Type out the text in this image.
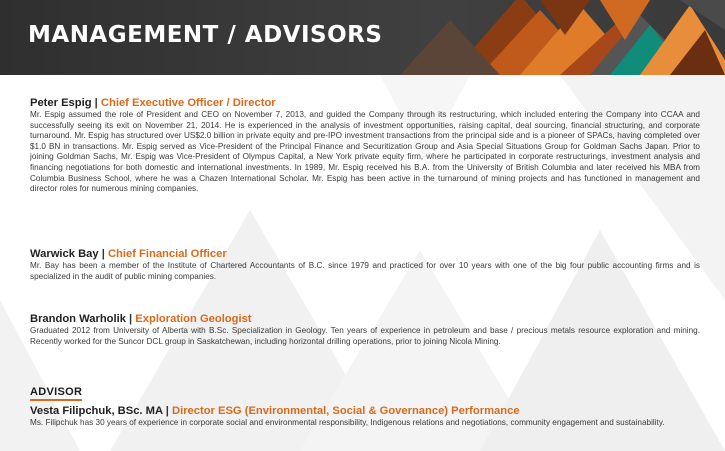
MANAGEMENT / ADVISORS
Peter Espig | Chief Executive Officer / Director

Mr. Espig assumed the role of President and CEO on November 7, 2013, and guided the Company through its restructuring, which included entering the Company into CCAA and successfully seeing its exit on November 21, 2014. He is experienced in the analysis of investment opportunities, raising capital, deal sourcing, financial structuring, and corporate turnaround. Mr. Espig has structured over US$2.0 billion in private equity and pre-IPO investment transactions from the principal side and is a pioneer of SPACs, having completed over $1.0 BN in transactions. Mr. Espig served as Vice-President of the Principal Finance and Securitization Group and Asia Special Situations Group for Goldman Sachs Japan. Prior to joining Goldman Sachs, Mr. Espig was Vice-President of Olympus Capital, a New York private equity firm, where he participated in corporate restructurings, investment analysis and financing negotiations for both domestic and international investments. In 1989, Mr. Espig received his B.A. from the University of British Columbia and later received his MBA from Columbia Business School, where he was a Chazen International Scholar. Mr. Espig has been active in the turnaround of mining projects and has functioned in management and director roles for numerous mining companies.

Warwick Bay | Chief Financial Officer

Mr. Bay has been a member of the Institute of Chartered Accountants of B.C. since 1979 and practiced for over 10 years with one of the big four public accounting firms and is specialized in the audit of public mining companies.

Brandon Warholik | Exploration Geologist

Graduated 2012 from University of Alberta with B.Sc. Specialization in Geology. Ten years of experience in petroleum and base / precious metals resource exploration and mining. Recently worked for the Suncor DCL group in Saskatchewan, including horizontal drilling operations, prior to joining Nicola Mining.

ADVISOR
Vesta Filipchuk, BSc. MA | Director ESG (Environmental, Social & Governance) Performance

Ms. Filipchuk has 30 years of experience in corporate social and environmental responsibility, Indigenous relations and negotiations, community engagement and sustainability.
